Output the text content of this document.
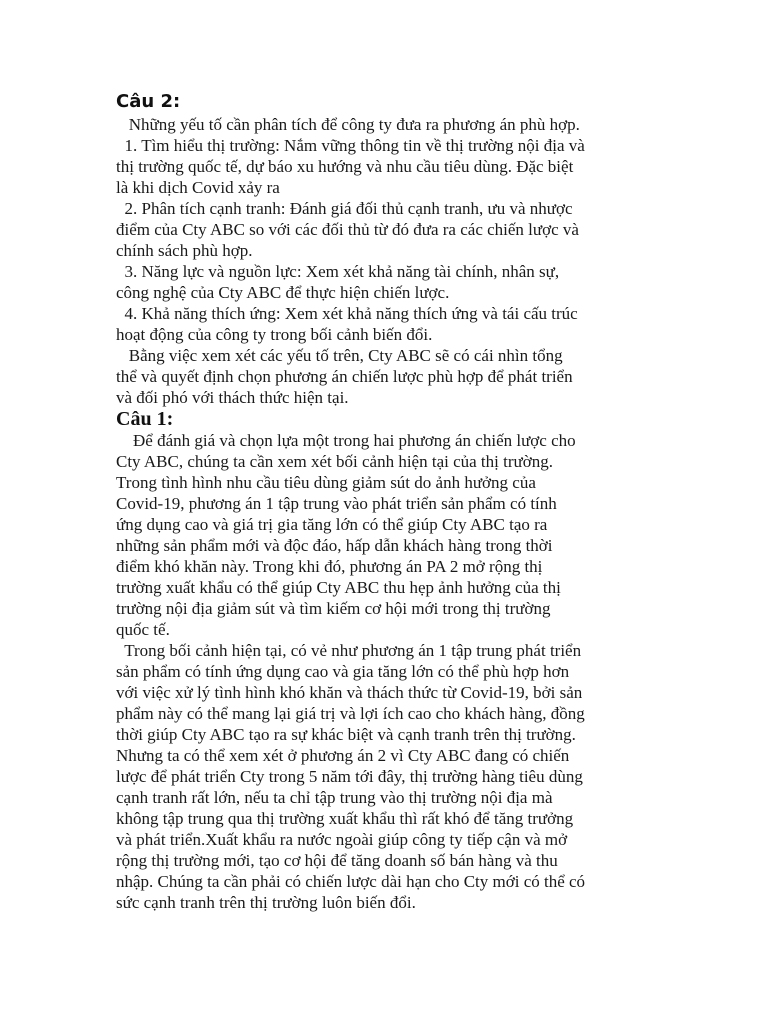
Câu 2:

Những yếu tố cần phân tích để công ty đưa ra phương án phù hợp.

1. Tìm hiểu thị trường: Nắm vững thông tin về thị trường nội địa và
thị trường quốc tế, dự báo xu hướng và nhu cầu tiêu dùng. Đặc biệt
là khi dịch Covid xảy ra

2. Phân tích cạnh tranh: Đánh giá đối thủ cạnh tranh, ưu và nhược
điểm của Cty ABC so với các đối thủ từ đó đưa ra các chiến lược và
chính sách phù hợp.

3. Năng lực và nguồn lực: Xem xét khả năng tài chính, nhân sự,
công nghệ của Cty ABC để thực hiện chiến lược.

4. Khả năng thích ứng: Xem xét khả năng thích ứng và tái cấu trúc
hoạt động của công ty trong bối cảnh biến đổi.

Bằng việc xem xét các yếu tố trên, Cty ABC sẽ có cái nhìn tổng
thể và quyết định chọn phương án chiến lược phù hợp để phát triển
và đối phó với thách thức hiện tại.

Câu 1:

Để đánh giá và chọn lựa một trong hai phương án chiến lược cho
Cty ABC, chúng ta cần xem xét bối cảnh hiện tại của thị trường.
Trong tình hình nhu cầu tiêu dùng giảm sút do ảnh hưởng của
Covid-19, phương án 1 tập trung vào phát triển sản phẩm có tính
ứng dụng cao và giá trị gia tăng lớn có thể giúp Cty ABC tạo ra
những sản phẩm mới và độc đáo, hấp dẫn khách hàng trong thời
điểm khó khăn này. Trong khi đó, phương án PA 2 mở rộng thị
trường xuất khẩu có thể giúp Cty ABC thu hẹp ảnh hưởng của thị
trường nội địa giảm sút và tìm kiếm cơ hội mới trong thị trường
quốc tế.

Trong bối cảnh hiện tại, có vẻ như phương án 1 tập trung phát triển
sản phẩm có tính ứng dụng cao và gia tăng lớn có thể phù hợp hơn
với việc xử lý tình hình khó khăn và thách thức từ Covid-19, bởi sản
phẩm này có thể mang lại giá trị và lợi ích cao cho khách hàng, đồng
thời giúp Cty ABC tạo ra sự khác biệt và cạnh tranh trên thị trường.
Nhưng ta có thể xem xét ở phương án 2 vì Cty ABC đang có chiến
lược để phát triển Cty trong 5 năm tới đây, thị trường hàng tiêu dùng
cạnh tranh rất lớn, nếu ta chỉ tập trung vào thị trường nội địa mà
không tập trung qua thị trường xuất khẩu thì rất khó để tăng trưởng
và phát triển.Xuất khẩu ra nước ngoài giúp công ty tiếp cận và mở
rộng thị trường mới, tạo cơ hội để tăng doanh số bán hàng và thu
nhập. Chúng ta cần phải có chiến lược dài hạn cho Cty mới có thể có
sức cạnh tranh trên thị trường luôn biến đổi.
